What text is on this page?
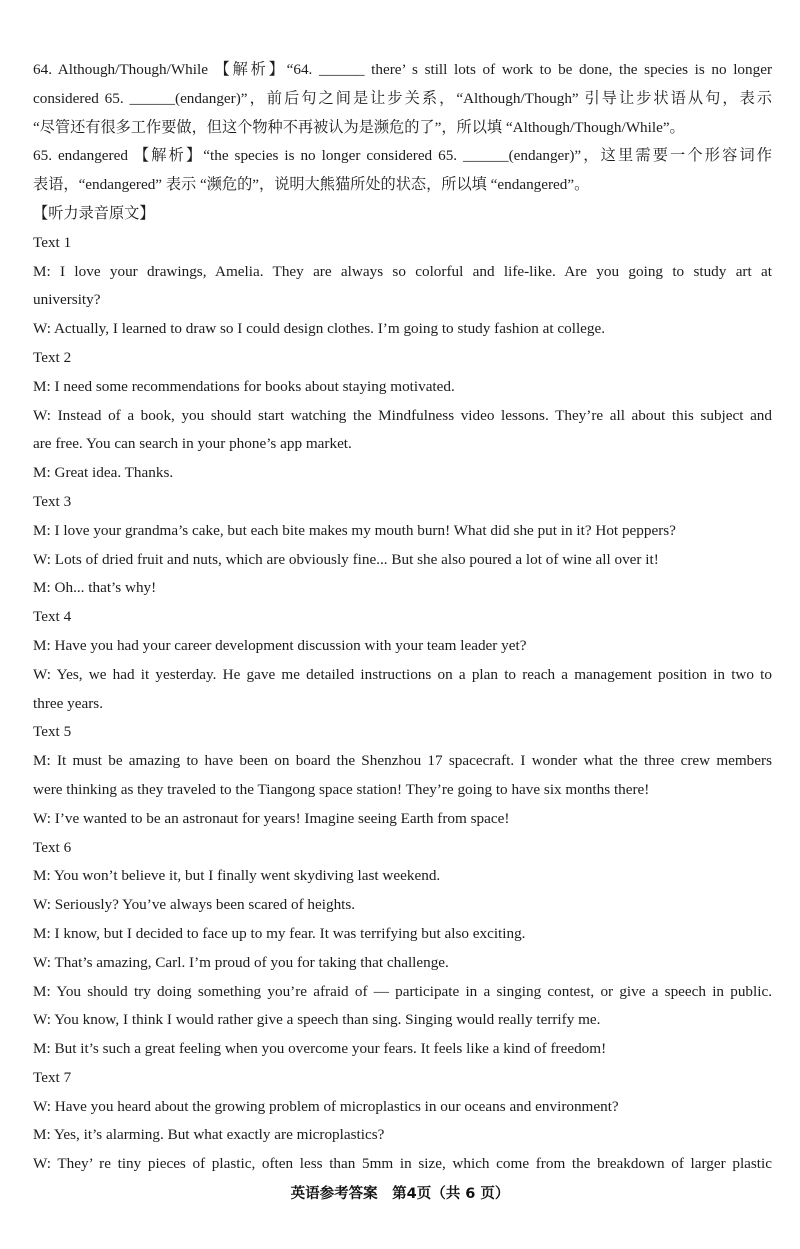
64. Although/Though/While 【解析】“64. ______ there’ s still lots of work to be done, the species is no longer

considered 65. ______(endanger)”，前后句之间是让步关系，“Although/Though” 引导让步状语从句，表示

“尽管还有很多工作要做，但这个物种不再被认为是濒危的了”，所以填 “Although/Though/While”。

65. endangered 【解析】“the species is no longer considered 65. ______(endanger)”，这里需要一个形容词作

表语，“endangered” 表示 “濒危的”，说明大熊猫所处的状态，所以填 “endangered”。

【听力录音原文】

Text 1

M: I love your drawings, Amelia. They are always so colorful and life-like. Are you going to study art at

university?

W: Actually, I learned to draw so I could design clothes. I’m going to study fashion at college.

Text 2

M: I need some recommendations for books about staying motivated.

W: Instead of a book, you should start watching the Mindfulness video lessons. They’re all about this subject and

are free. You can search in your phone’s app market.

M: Great idea. Thanks.

Text 3

M: I love your grandma’s cake, but each bite makes my mouth burn! What did she put in it? Hot peppers?

W: Lots of dried fruit and nuts, which are obviously fine... But she also poured a lot of wine all over it!

M: Oh... that’s why!

Text 4

M: Have you had your career development discussion with your team leader yet?

W: Yes, we had it yesterday. He gave me detailed instructions on a plan to reach a management position in two to

three years.

Text 5

M: It must be amazing to have been on board the Shenzhou 17 spacecraft. I wonder what the three crew members

were thinking as they traveled to the Tiangong space station! They’re going to have six months there!

W: I’ve wanted to be an astronaut for years! Imagine seeing Earth from space!

Text 6

M: You won’t believe it, but I finally went skydiving last weekend.

W: Seriously? You’ve always been scared of heights.

M: I know, but I decided to face up to my fear. It was terrifying but also exciting.

W: That’s amazing, Carl. I’m proud of you for taking that challenge.

M: You should try doing something you’re afraid of — participate in a singing contest, or give a speech in public.

W: You know, I think I would rather give a speech than sing. Singing would really terrify me.

M: But it’s such a great feeling when you overcome your fears. It feels like a kind of freedom!

Text 7

W: Have you heard about the growing problem of microplastics in our oceans and environment?

M: Yes, it’s alarming. But what exactly are microplastics?

W: They’ re tiny pieces of plastic, often less than 5mm in size, which come from the breakdown of larger plastic

英语参考答案　第4页（共 6 页）
